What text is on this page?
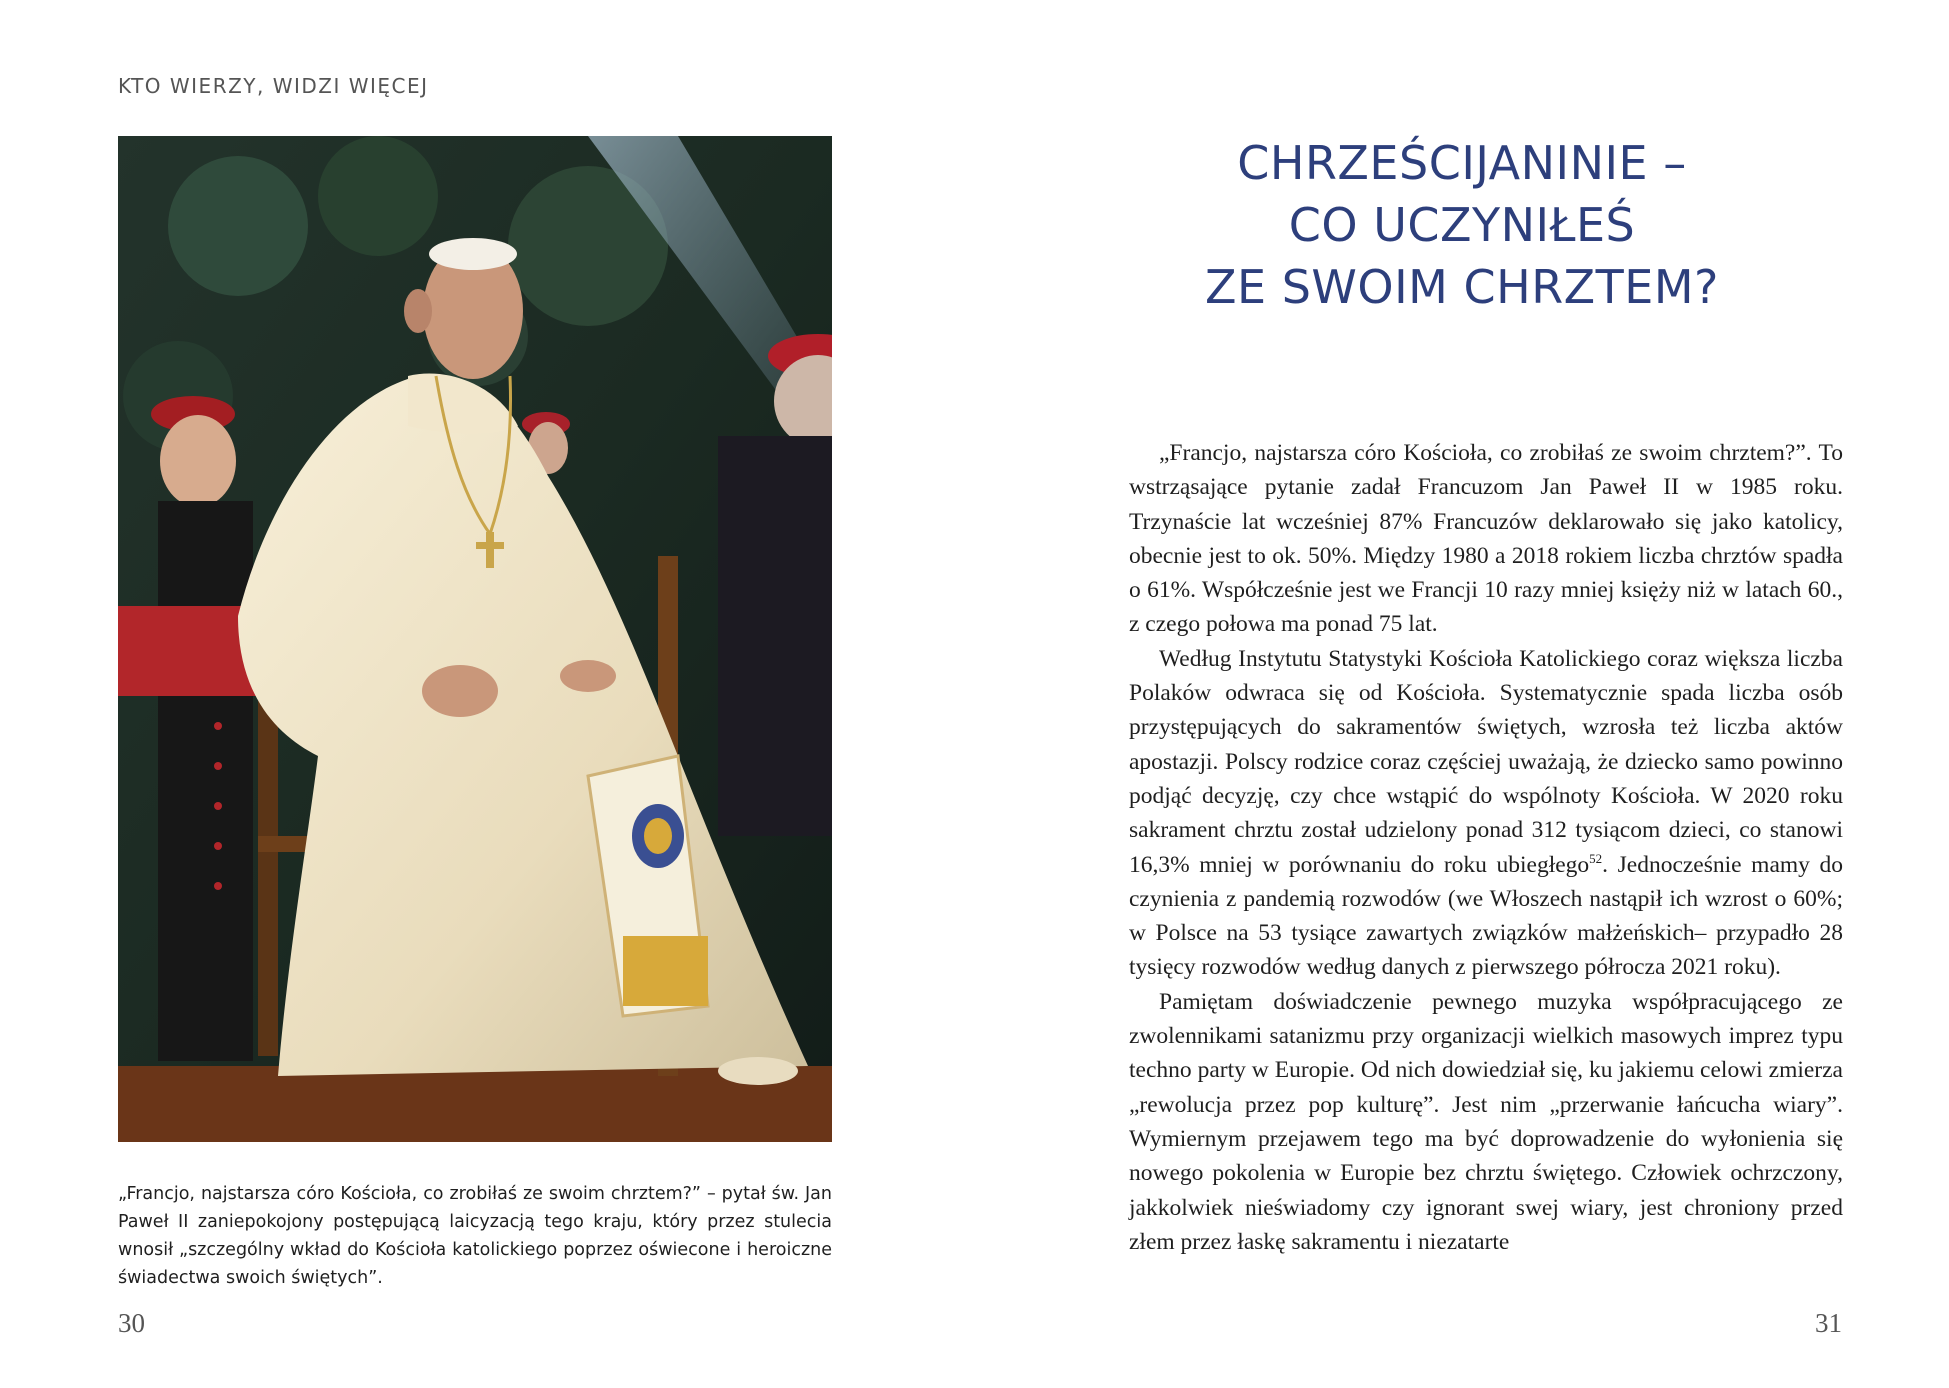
KTO WIERZY, WIDZI WIĘCEJ
„Francjo, najstarsza córo Kościoła, co zrobiłaś ze swoim chrztem?” – pytał św. Jan Paweł II zaniepokojony postępującą laicyzacją tego kraju, który przez stulecia wnosił „szczególny wkład do Kościoła katolickiego poprzez oświecone i heroiczne świadectwa swoich świętych”.
30
CHRZEŚCIJANINIE –
CO UCZYNIŁEŚ
ZE SWOIM CHRZTEM?

„Francjo, najstarsza córo Kościoła, co zrobiłaś ze swoim chrztem?”. To wstrząsające pytanie zadał Francuzom Jan Paweł II w 1985 roku. Trzynaście lat wcześniej 87% Francuzów deklarowało się jako katolicy, obecnie jest to ok. 50%. Między 1980 a 2018 rokiem liczba chrztów spadła o 61%. Współcześnie jest we Francji 10 razy mniej księży niż w latach 60., z czego połowa ma ponad 75 lat.

Według Instytutu Statystyki Kościoła Katolickiego coraz większa liczba Polaków odwraca się od Kościoła. Systematycznie spada liczba osób przystępujących do sakramentów świętych, wzrosła też liczba aktów apostazji. Polscy rodzice coraz częściej uważają, że dziecko samo powinno podjąć decyzję, czy chce wstąpić do wspólnoty Kościoła. W 2020 roku sakrament chrztu został udzielony ponad 312 tysiącom dzieci, co stanowi 16,3% mniej w porównaniu do roku ubiegłego$^{52}$. Jednocześnie mamy do czynienia z pandemią rozwodów (we Włoszech nastąpił ich wzrost o 60%; w Polsce na 53 tysiące zawartych związków małżeńskich– przypadło 28 tysięcy rozwodów według danych z pierwszego półrocza 2021 roku).

Pamiętam doświadczenie pewnego muzyka współpracującego ze zwolennikami satanizmu przy organizacji wielkich masowych imprez typu techno party w Europie. Od nich dowiedział się, ku jakiemu celowi zmierza „rewolucja przez pop kulturę”. Jest nim „przerwanie łańcucha wiary”. Wymiernym przejawem tego ma być doprowadzenie do wyłonienia się nowego pokolenia w Europie bez chrztu świętego. Człowiek ochrzczony, jakkolwiek nieświadomy czy ignorant swej wiary, jest chroniony przed złem przez łaskę sakramentu i niezatarte

31
